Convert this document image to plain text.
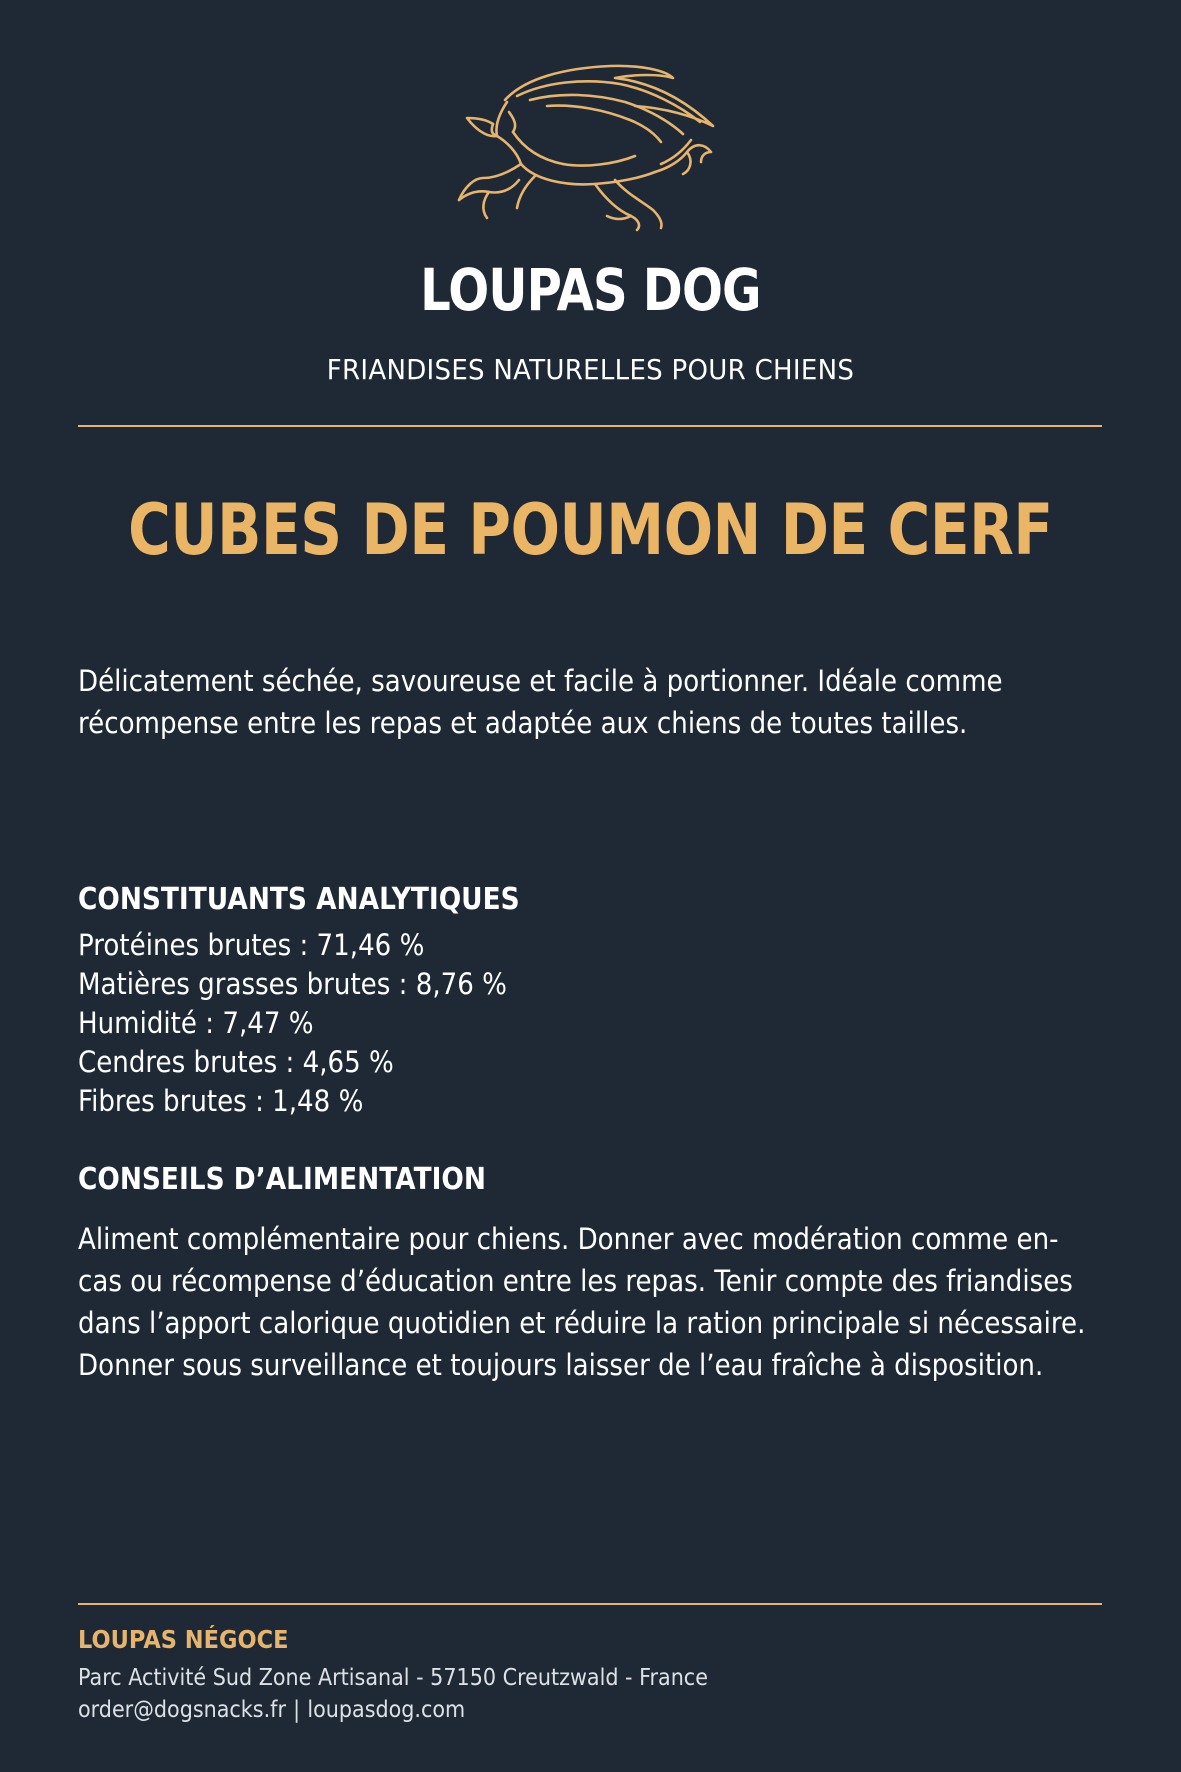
LOUPAS DOG
FRIANDISES NATURELLES POUR CHIENS
CUBES DE POUMON DE CERF
Délicatement séchée, savoureuse et facile à portionner. Idéale comme récompense entre les repas et adaptée aux chiens de toutes tailles.
CONSTITUANTS ANALYTIQUES
Protéines brutes : 71,46 %
Matières grasses brutes : 8,76 %
Humidité : 7,47 %
Cendres brutes : 4,65 %
Fibres brutes : 1,48 %
CONSEILS D’ALIMENTATION
Aliment complémentaire pour chiens. Donner avec modération comme en-cas ou récompense d’éducation entre les repas. Tenir compte des friandises dans l’apport calorique quotidien et réduire la ration principale si nécessaire. Donner sous surveillance et toujours laisser de l’eau fraîche à disposition.
LOUPAS NÉGOCE
Parc Activité Sud Zone Artisanal - 57150 Creutzwald - France
order@dogsnacks.fr | loupasdog.com
